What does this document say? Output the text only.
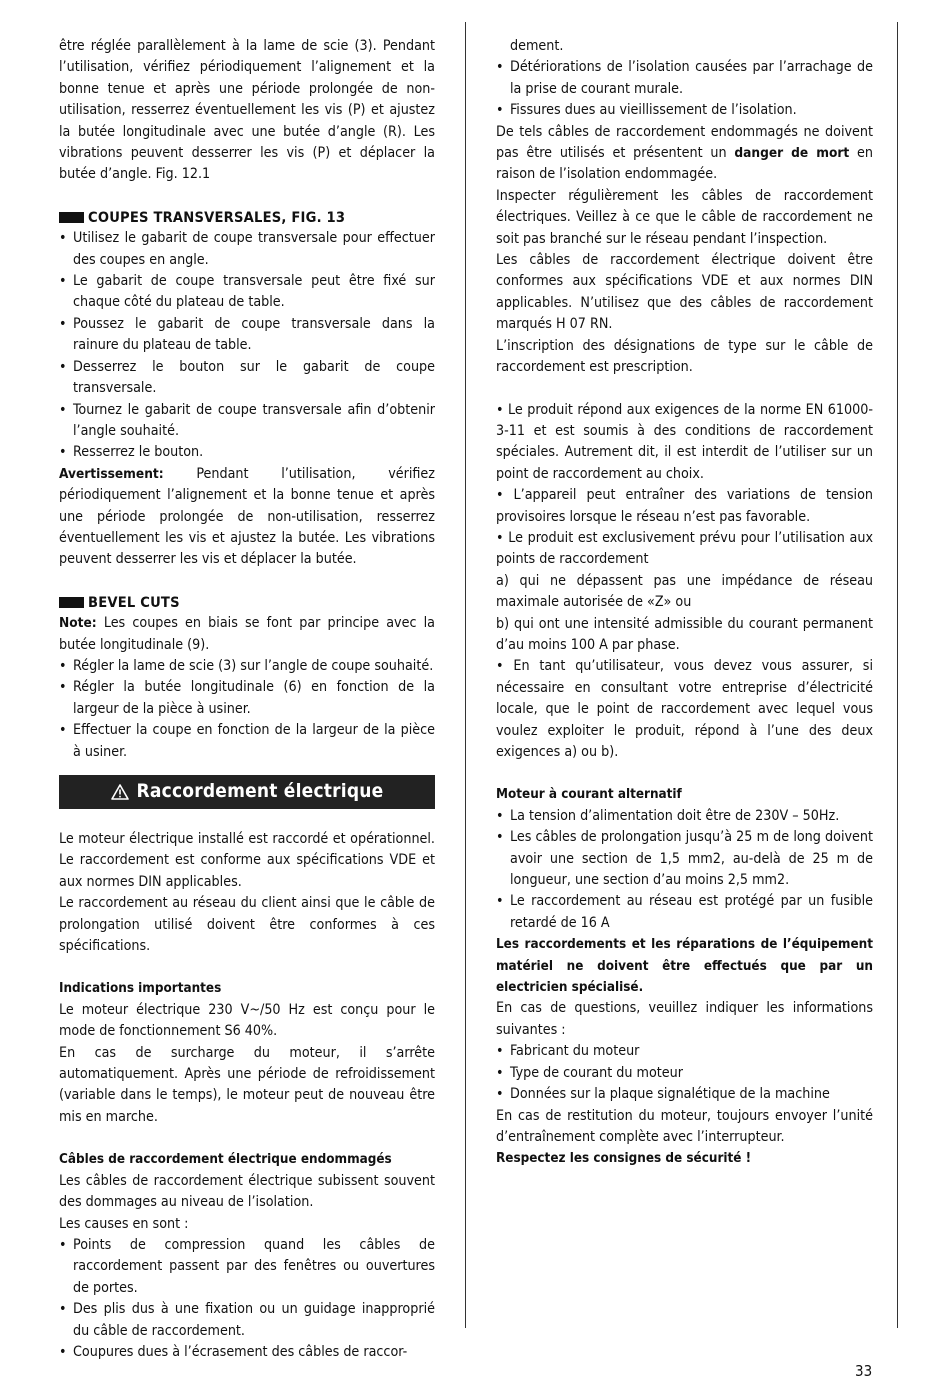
être réglée parallèlement à la lame de scie (3). Pendant l’utilisation, vérifiez périodiquement l’alignement et la bonne tenue et après une période prolongée de non-utilisation, resserrez éventuellement les vis (P) et ajustez la butée longitudinale avec une butée d’angle (R). Les vibrations peuvent desserrer les vis (P) et déplacer la butée d’angle. Fig. 12.1

COUPES TRANSVERSALES, FIG. 13
• Utilisez le gabarit de coupe transversale pour effectuer des coupes en angle.
• Le gabarit de coupe transversale peut être fixé sur chaque côté du plateau de table.
• Poussez le gabarit de coupe transversale dans la rainure du plateau de table.
• Desserrez le bouton sur le gabarit de coupe transversale.
• Tournez le gabarit de coupe transversale afin d’obtenir l’angle souhaité.
• Resserrez le bouton.

Avertissement: Pendant l’utilisation, vérifiez périodiquement l’alignement et la bonne tenue et après une période prolongée de non-utilisation, resserrez éventuellement les vis et ajustez la butée. Les vibrations peuvent desserrer les vis et déplacer la butée.

BEVEL CUTS

Note: Les coupes en biais se font par principe avec la butée longitudinale (9).

• Régler la lame de scie (3) sur l’angle de coupe souhaité.
• Régler la butée longitudinale (6) en fonction de la largeur de la pièce à usiner.
• Effectuer la coupe en fonction de la largeur de la pièce à usiner.
Raccordement électrique

Le moteur électrique installé est raccordé et opérationnel. Le raccordement est conforme aux spécifications VDE et aux normes DIN applicables.

Le raccordement au réseau du client ainsi que le câble de prolongation utilisé doivent être conformes à ces spécifications.

Indications importantes

Le moteur électrique 230 V~/50 Hz est conçu pour le mode de fonctionnement S6 40%.

En cas de surcharge du moteur, il s’arrête automatiquement. Après une période de refroidissement (variable dans le temps), le moteur peut de nouveau être mis en marche.

Câbles de raccordement électrique endommagés

Les câbles de raccordement électrique subissent souvent des dommages au niveau de l’isolation.

Les causes en sont :

• Points de compression quand les câbles de raccordement passent par des fenêtres ou ouvertures de portes.
• Des plis dus à une fixation ou un guidage inapproprié du câble de raccordement.
• Coupures dues à l’écrasement des câbles de raccor-
dement.
• Détériorations de l’isolation causées par l’arrachage de la prise de courant murale.
• Fissures dues au vieillissement de l’isolation.

De tels câbles de raccordement endommagés ne doivent pas être utilisés et présentent un danger de mort en raison de l’isolation endommagée.

Inspecter régulièrement les câbles de raccordement électriques. Veillez à ce que le câble de raccordement ne soit pas branché sur le réseau pendant l’inspection.

Les câbles de raccordement électrique doivent être conformes aux spécifications VDE et aux normes DIN applicables. N’utilisez que des câbles de raccordement marqués H 07 RN.

L’inscription des désignations de type sur le câble de raccordement est prescription.

• Le produit répond aux exigences de la norme EN 61000-3-11 et est soumis à des conditions de raccordement spéciales. Autrement dit, il est interdit de l’utiliser sur un point de raccordement au choix.

• L’appareil peut entraîner des variations de tension provisoires lorsque le réseau n’est pas favorable.

• Le produit est exclusivement prévu pour l’utilisation aux points de raccordement

a) qui ne dépassent pas une impédance de réseau maximale autorisée de «Z» ou

b) qui ont une intensité admissible du courant permanent d’au moins 100 A par phase.

• En tant qu’utilisateur, vous devez vous assurer, si nécessaire en consultant votre entreprise d’électricité locale, que le point de raccordement avec lequel vous voulez exploiter le produit, répond à l’une des deux exigences a) ou b).

Moteur à courant alternatif

• La tension d’alimentation doit être de 230V – 50Hz.
• Les câbles de prolongation jusqu’à 25 m de long doivent avoir une section de 1,5 mm2, au-delà de 25 m de longueur, une section d’au moins 2,5 mm2.
• Le raccordement au réseau est protégé par un fusible retardé de 16 A

Les raccordements et les réparations de l’équipement matériel ne doivent être effectués que par un electricien spécialisé.

En cas de questions, veuillez indiquer les informations suivantes :

• Fabricant du moteur
• Type de courant du moteur
• Données sur la plaque signalétique de la machine

En cas de restitution du moteur, toujours envoyer l’unité d’entraînement complète avec l’interrupteur.

Respectez les consignes de sécurité !

33
